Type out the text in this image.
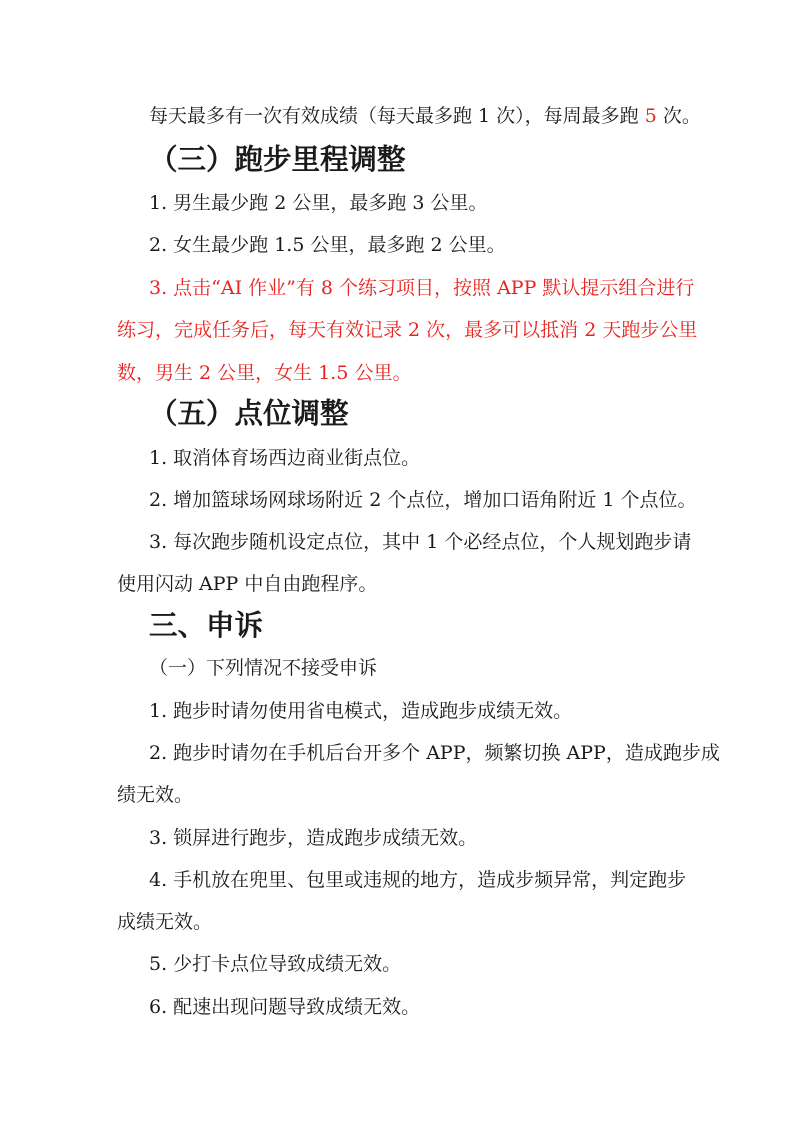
每天最多有一次有效成绩（每天最多跑 1 次），每周最多跑 5 次。

（三）跑步里程调整

1. 男生最少跑 2 公里，最多跑 3 公里。

2. 女生最少跑 1.5 公里，最多跑 2 公里。

3. 点击“AI 作业”有 8 个练习项目，按照 APP 默认提示组合进行

练习，完成任务后，每天有效记录 2 次，最多可以抵消 2 天跑步公里

数，男生 2 公里，女生 1.5 公里。

（五）点位调整

1. 取消体育场西边商业街点位。

2. 增加篮球场网球场附近 2 个点位，增加口语角附近 1 个点位。

3. 每次跑步随机设定点位，其中 1 个必经点位，个人规划跑步请

使用闪动 APP 中自由跑程序。

三、申诉

（一）下列情况不接受申诉

1. 跑步时请勿使用省电模式，造成跑步成绩无效。

2. 跑步时请勿在手机后台开多个 APP，频繁切换 APP，造成跑步成

绩无效。

3. 锁屏进行跑步，造成跑步成绩无效。

4. 手机放在兜里、包里或违规的地方，造成步频异常，判定跑步

成绩无效。

5. 少打卡点位导致成绩无效。

6. 配速出现问题导致成绩无效。
